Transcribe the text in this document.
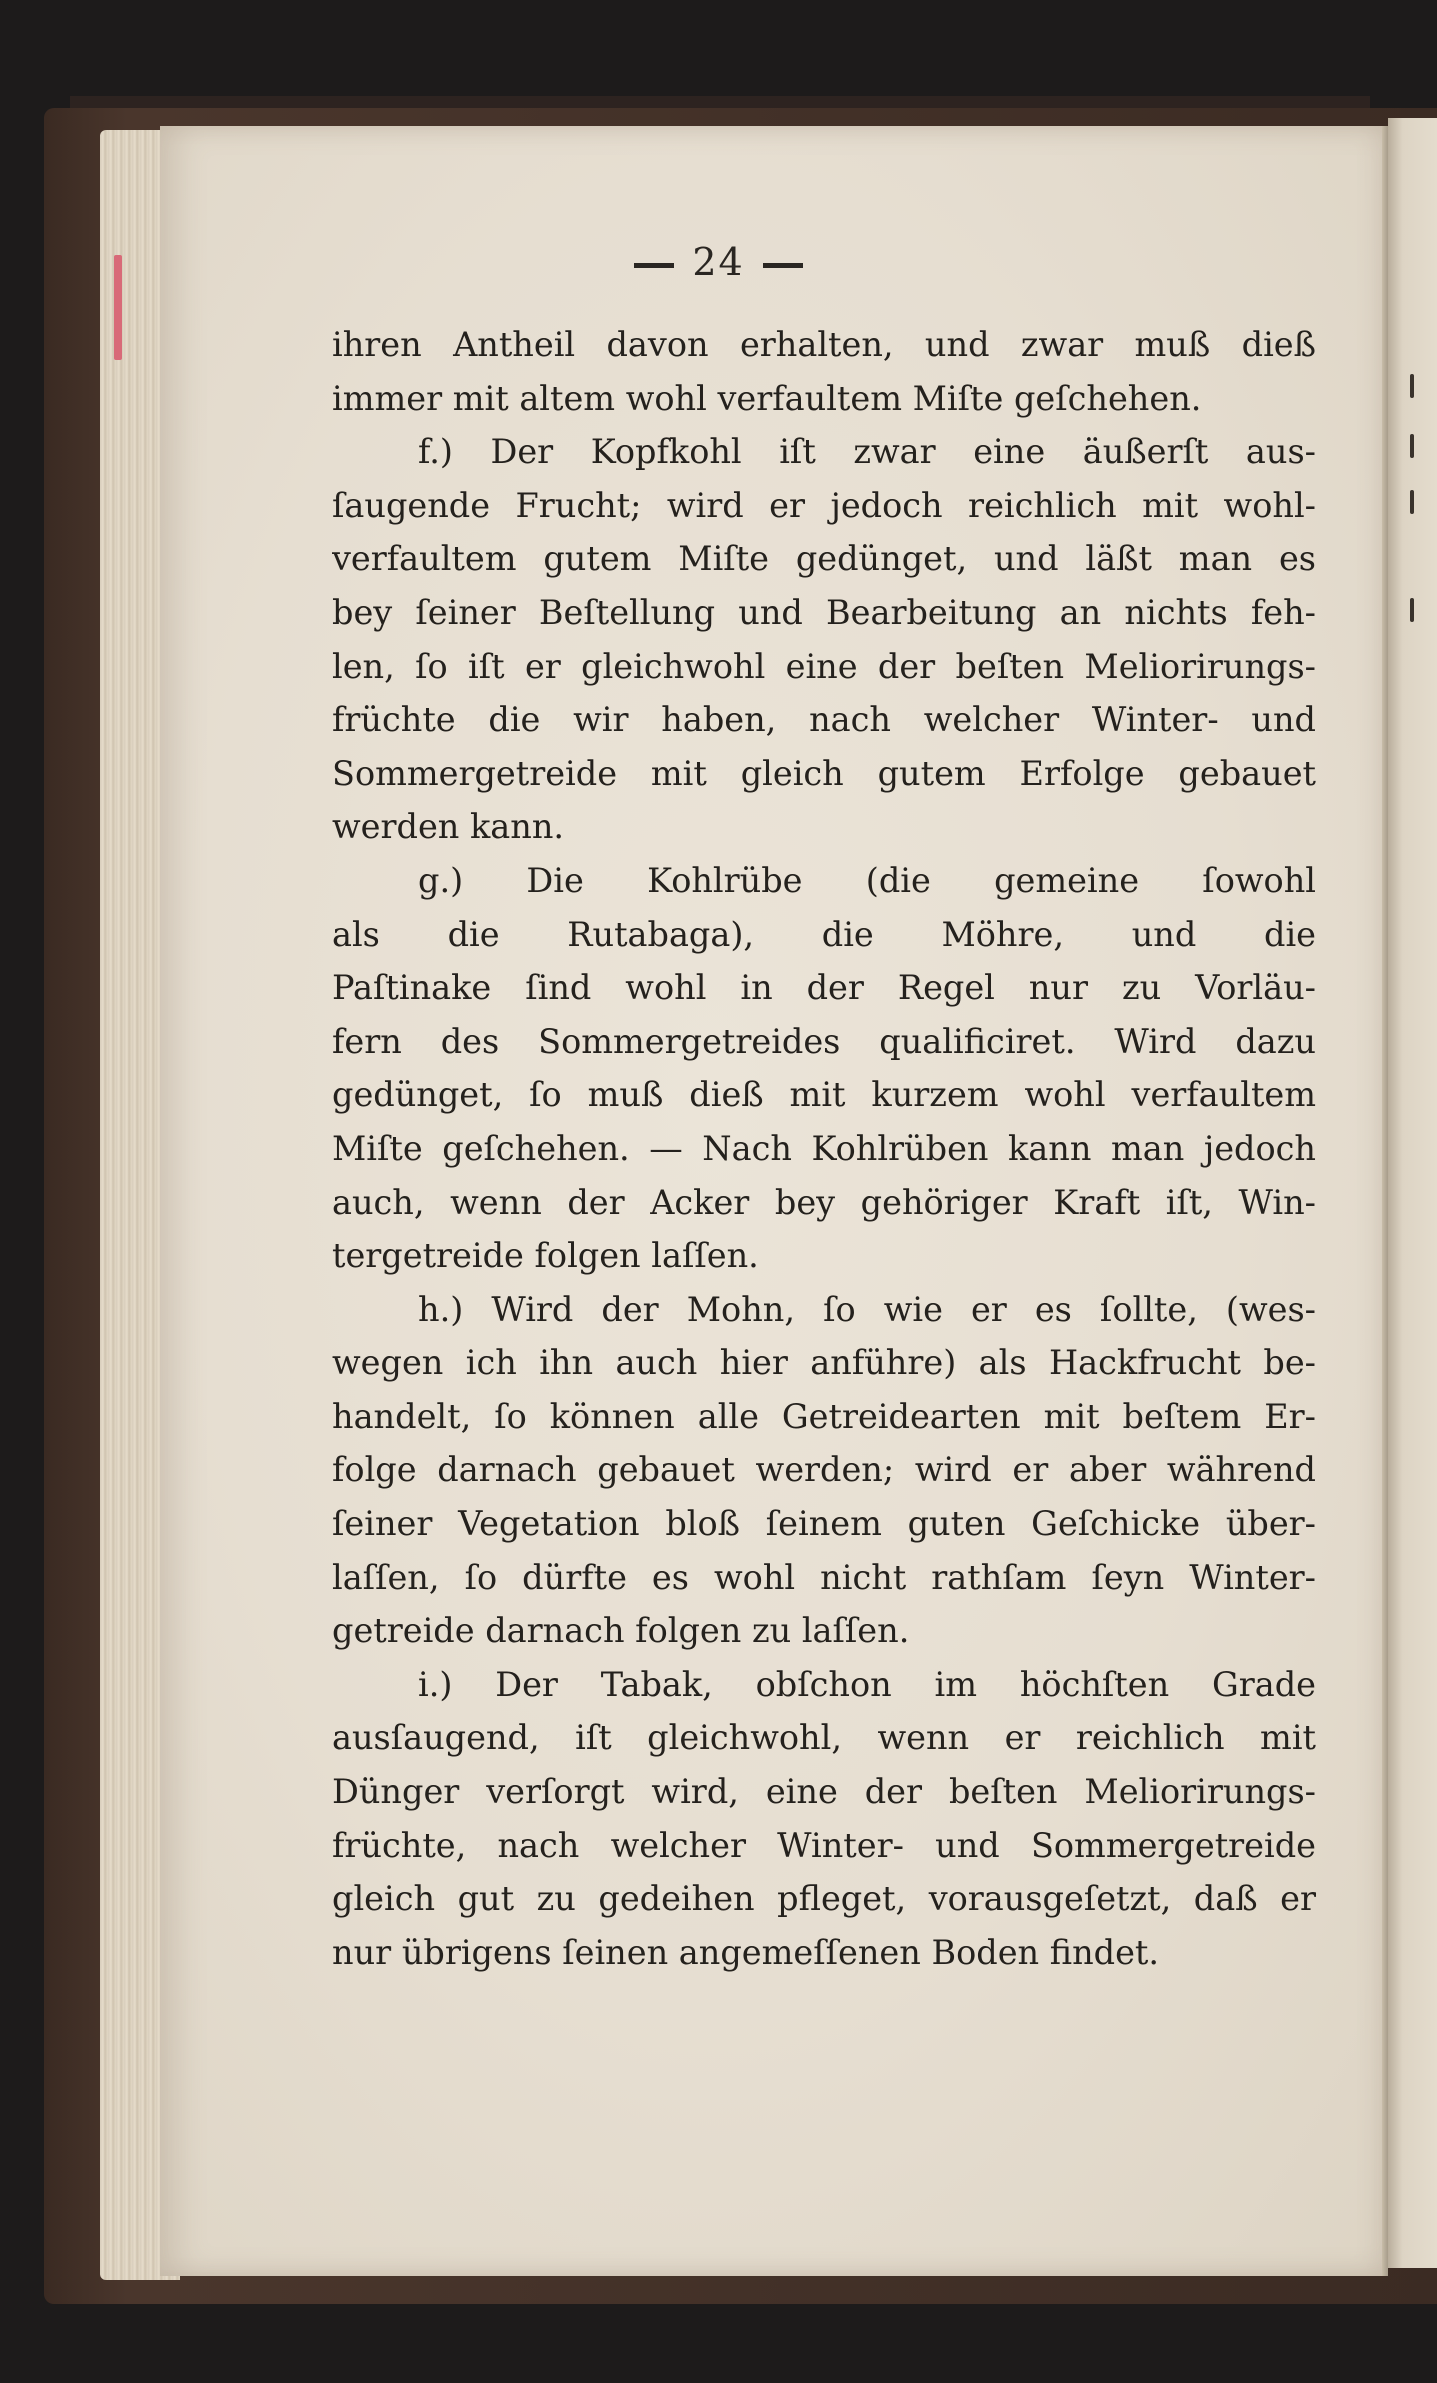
24
ihren Antheil davon erhalten, und zwar muß dieß
immer mit altem wohl verfaultem Miſte geſchehen.
f.) Der Kopfkohl iſt zwar eine äußerſt aus-
ſaugende Frucht; wird er jedoch reichlich mit wohl-
verfaultem gutem Miſte gedünget, und läßt man es
bey ſeiner Beſtellung und Bearbeitung an nichts feh-
len, ſo iſt er gleichwohl eine der beſten Meliorirungs-
früchte die wir haben, nach welcher Winter- und
Sommergetreide mit gleich gutem Erfolge gebauet
werden kann.
g.) Die Kohlrübe (die gemeine ſowohl
als die Rutabaga), die Möhre, und die
Paſtinake ſind wohl in der Regel nur zu Vorläu-
fern des Sommergetreides qualificiret. Wird dazu
gedünget, ſo muß dieß mit kurzem wohl verfaultem
Miſte geſchehen. — Nach Kohlrüben kann man jedoch
auch, wenn der Acker bey gehöriger Kraft iſt, Win-
tergetreide folgen laſſen.
h.) Wird der Mohn, ſo wie er es ſollte, (wes-
wegen ich ihn auch hier anführe) als Hackfrucht be-
handelt, ſo können alle Getreidearten mit beſtem Er-
folge darnach gebauet werden; wird er aber während
ſeiner Vegetation bloß ſeinem guten Geſchicke über-
laſſen, ſo dürfte es wohl nicht rathſam ſeyn Winter-
getreide darnach folgen zu laſſen.
i.) Der Tabak, obſchon im höchſten Grade
ausſaugend, iſt gleichwohl, wenn er reichlich mit
Dünger verſorgt wird, eine der beſten Meliorirungs-
früchte, nach welcher Winter- und Sommergetreide
gleich gut zu gedeihen pfleget, vorausgeſetzt, daß er
nur übrigens ſeinen angemeſſenen Boden findet.
